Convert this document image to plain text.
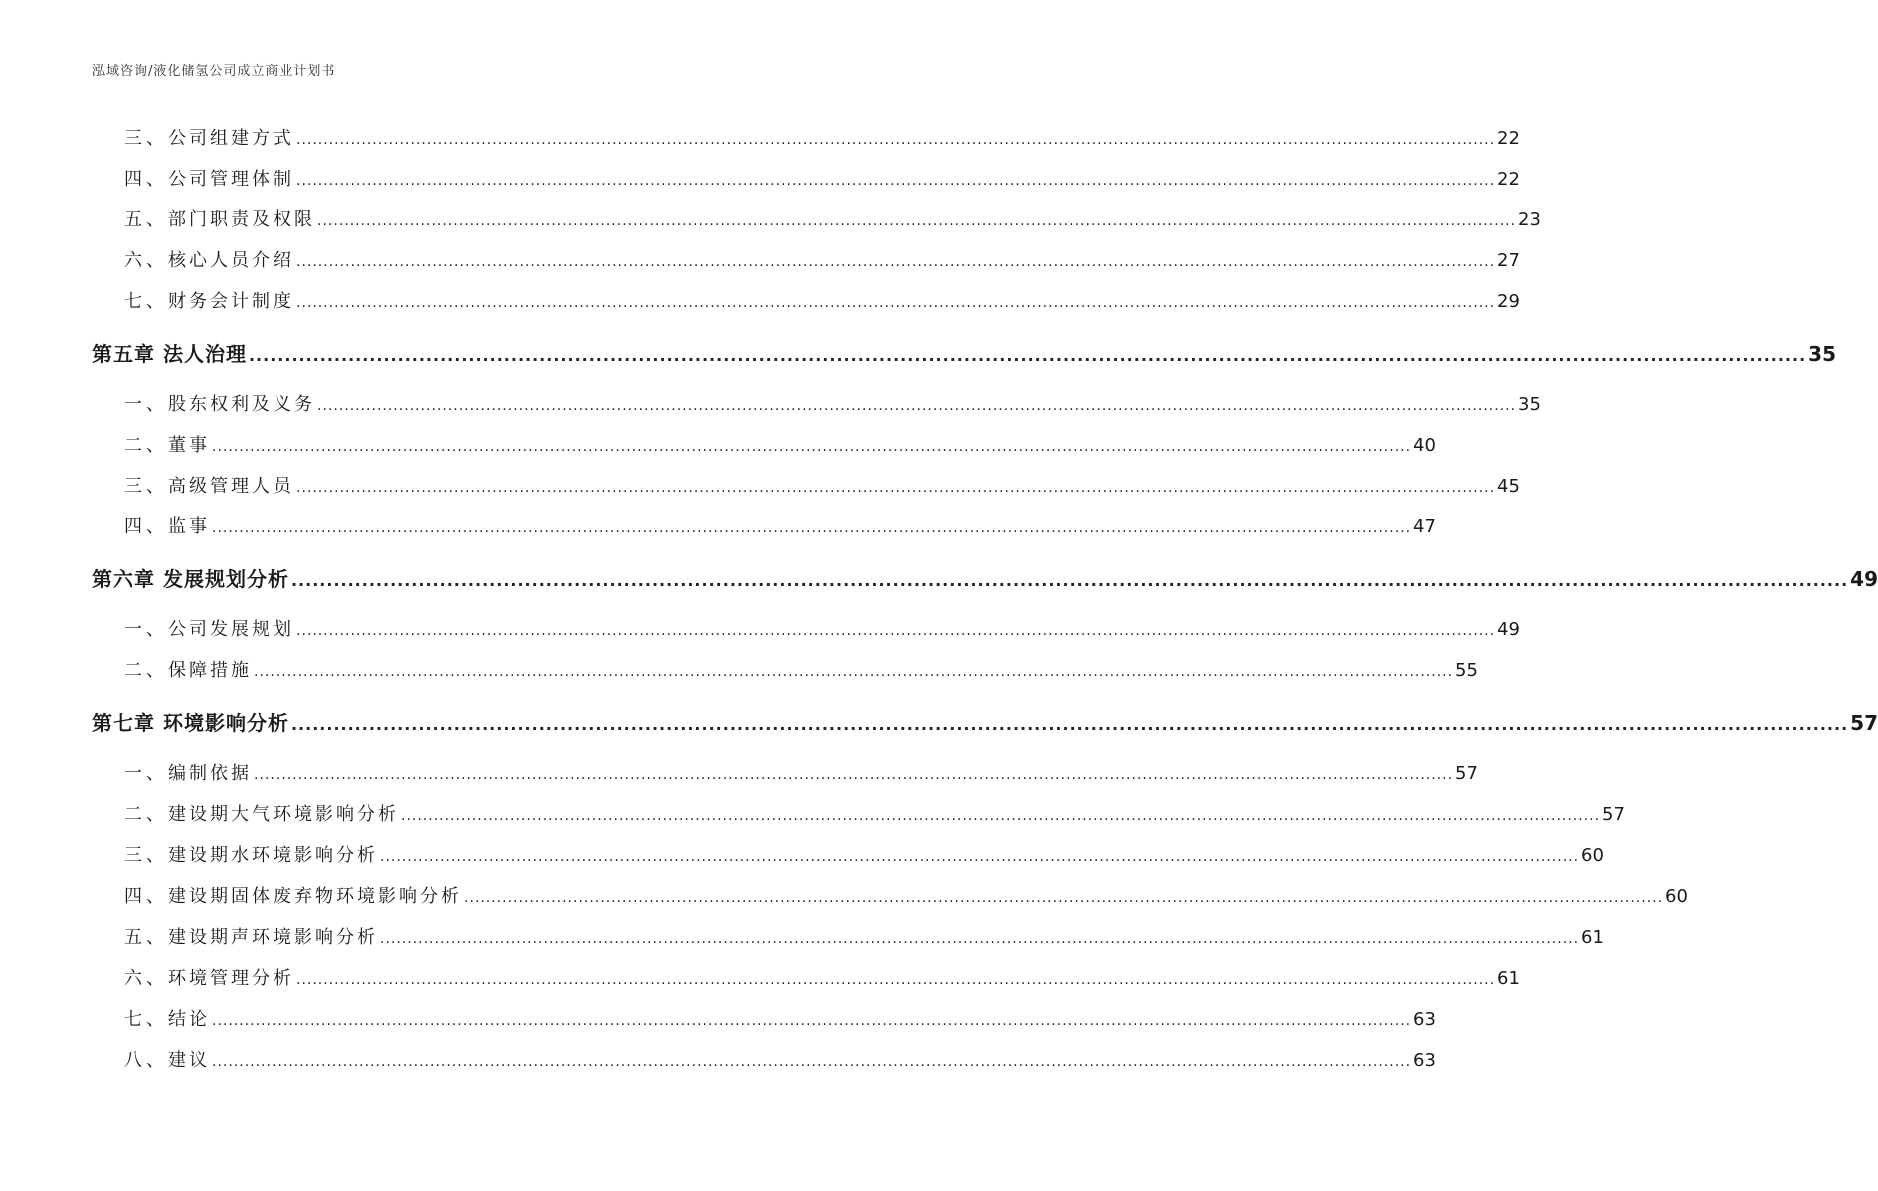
泓域咨询/液化储氢公司成立商业计划书
三、 公司组建方式 ............................................................................................................................................................................................................................ 22
四、 公司管理体制 ............................................................................................................................................................................................................................ 22
五、 部门职责及权限 ............................................................................................................................................................................................................................ 23
六、 核心人员介绍 ............................................................................................................................................................................................................................ 27
七、 财务会计制度 ............................................................................................................................................................................................................................ 29
第五章 法人治理 ............................................................................................................................................................................................................................ 35
一、 股东权利及义务 ............................................................................................................................................................................................................................ 35
二、 董事 ............................................................................................................................................................................................................................ 40
三、 高级管理人员 ............................................................................................................................................................................................................................ 45
四、 监事 ............................................................................................................................................................................................................................ 47
第六章 发展规划分析 ............................................................................................................................................................................................................................ 49
一、 公司发展规划 ............................................................................................................................................................................................................................ 49
二、 保障措施 ............................................................................................................................................................................................................................ 55
第七章 环境影响分析 ............................................................................................................................................................................................................................ 57
一、 编制依据 ............................................................................................................................................................................................................................ 57
二、 建设期大气环境影响分析 ............................................................................................................................................................................................................................ 57
三、 建设期水环境影响分析 ............................................................................................................................................................................................................................ 60
四、 建设期固体废弃物环境影响分析 ............................................................................................................................................................................................................................ 60
五、 建设期声环境影响分析 ............................................................................................................................................................................................................................ 61
六、 环境管理分析 ............................................................................................................................................................................................................................ 61
七、 结论 ............................................................................................................................................................................................................................ 63
八、 建议 ............................................................................................................................................................................................................................ 63
